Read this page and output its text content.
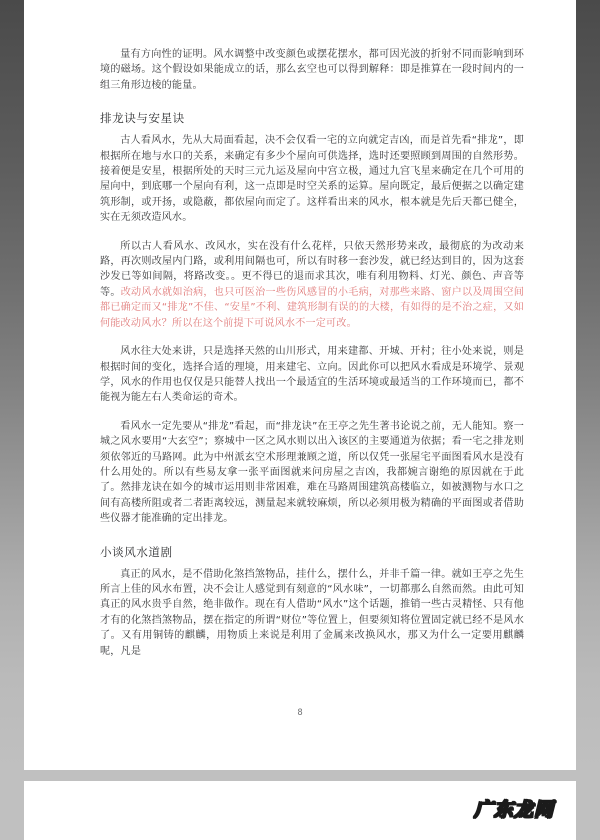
量有方向性的证明。风水调整中改变颜色或摆花摆水，都可因光波的折射不同而影响到环境的磁场。这个假设如果能成立的话，那么玄空也可以得到解释：即是推算在一段时间内的一组三角形边棱的能量。

排龙诀与安星诀

古人看风水，先从大局面看起，决不会仅看一宅的立向就定吉凶，而是首先看“排龙”，即根据所在地与水口的关系，来确定有多少个屋向可供选择，选时还要照顾到周围的自然形势。接着便是安星，根据所处的天时三元九运及屋向中宫立极，通过九宫飞星来确定在几个可用的屋向中，到底哪一个屋向有利，这一点即是时空关系的运算。屋向既定，最后便据之以确定建筑形制，或开扬，或隐蔽，都依屋向而定了。这样看出来的风水，根本就是先后天都已健全，实在无须改造风水。

所以古人看风水、改风水，实在没有什么花样，只依天然形势来改，最彻底的为改动来路，再次则改屋内门路，或利用间隔也可，所以有时移一套沙发，就已经达到目的，因为这套沙发已等如间隔，将路改变。。更不得已的退而求其次，唯有利用物料、灯光、颜色、声音等等。改动风水就如治病，也只可医治一些伤风感冒的小毛病，对那些来路、窗户以及周围空间都已确定而又“排龙”不佳、“安星”不利、建筑形制有误的的大楼，有如得的是不治之症，又如何能改动风水？所以在这个前提下可说风水不一定可改。

风水往大处来讲，只是选择天然的山川形式，用来建都、开城、开村；往小处来说，则是根据时间的变化，选择合适的理境，用来建宅、立向。因此你可以把风水看成是环境学、景观学，风水的作用也仅仅是只能替人找出一个最适宜的生活环境或最适当的工作环境而已，都不能视为能左右人类命运的奇术。

看风水一定先要从“排龙”看起，而“排龙诀”在王亭之先生著书论说之前，无人能知。察一城之风水要用“大玄空”；察城中一区之风水则以出入该区的主要通道为依据；看一宅之排龙则须依邻近的马路网。此为中州派玄空术形理兼顾之道，所以仅凭一张屋宅平面图看风水是没有什么用处的。所以有些易友拿一张平面图就来问房屋之吉凶，我都婉言谢绝的原因就在于此了。然排龙诀在如今的城市运用则非常困难，难在马路周围建筑高楼临立，如被测物与水口之间有高楼所阻或者二者距离较远，测量起来就较麻烦，所以必须用极为精确的平面图或者借助些仪器才能准确的定出排龙。

小谈风水道剧

真正的风水，是不借助化煞挡煞物品，挂什么，摆什么，并非千篇一律。就如王亭之先生所言上佳的风水布置，决不会让人感觉到有刻意的“风水味”，一切都那么自然而然。由此可知真正的风水贵乎自然，绝非做作。现在有人借助“风水”这个话题，推销一些古灵精怪、只有他才有的化煞挡煞物品，摆在指定的所谓“财位”等位置上，但要须知将位置固定就已经不是风水了。又有用铜铸的麒麟，用物质上来说是利用了金属来改换风水，那又为什么一定要用麒麟呢，凡是

8
广东龙网
